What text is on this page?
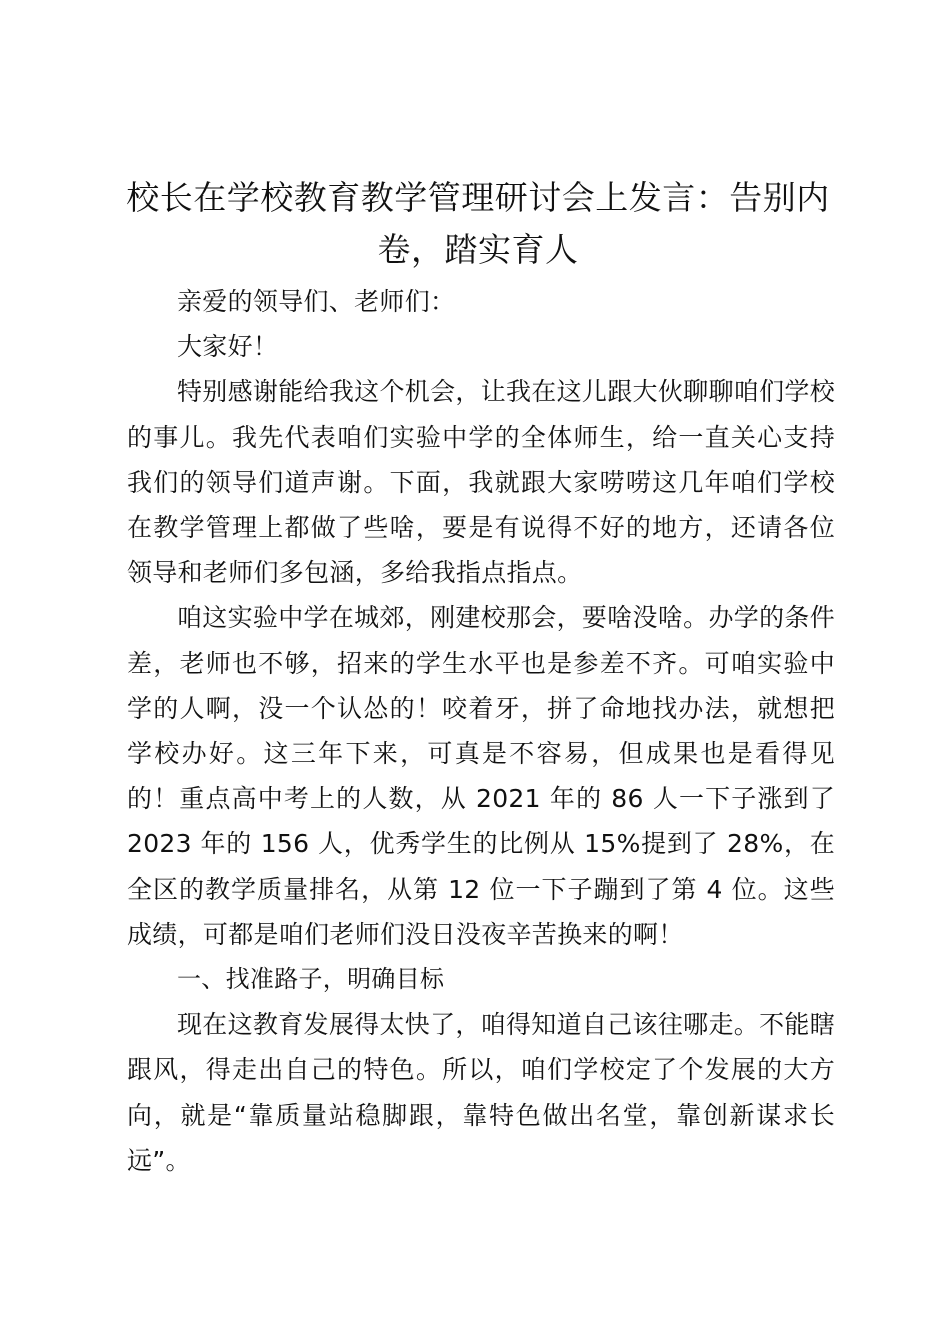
校长在学校教育教学管理研讨会上发言：告别内卷，踏实育人

亲爱的领导们、老师们：

大家好！

特别感谢能给我这个机会，让我在这儿跟大伙聊聊咱们学校的事儿。我先代表咱们实验中学的全体师生，给一直关心支持我们的领导们道声谢。下面，我就跟大家唠唠这几年咱们学校在教学管理上都做了些啥，要是有说得不好的地方，还请各位领导和老师们多包涵，多给我指点指点。

咱这实验中学在城郊，刚建校那会，要啥没啥。办学的条件差，老师也不够，招来的学生水平也是参差不齐。可咱实验中学的人啊，没一个认怂的！咬着牙，拼了命地找办法，就想把学校办好。这三年下来，可真是不容易，但成果也是看得见的！重点高中考上的人数，从 2021 年的 86 人一下子涨到了 2023 年的 156 人，优秀学生的比例从 15%提到了 28%，在全区的教学质量排名，从第 12 位一下子蹦到了第 4 位。这些成绩，可都是咱们老师们没日没夜辛苦换来的啊！

一、找准路子，明确目标

现在这教育发展得太快了，咱得知道自己该往哪走。不能瞎跟风，得走出自己的特色。所以，咱们学校定了个发展的大方向，就是“靠质量站稳脚跟，靠特色做出名堂，靠创新谋求长远”。
